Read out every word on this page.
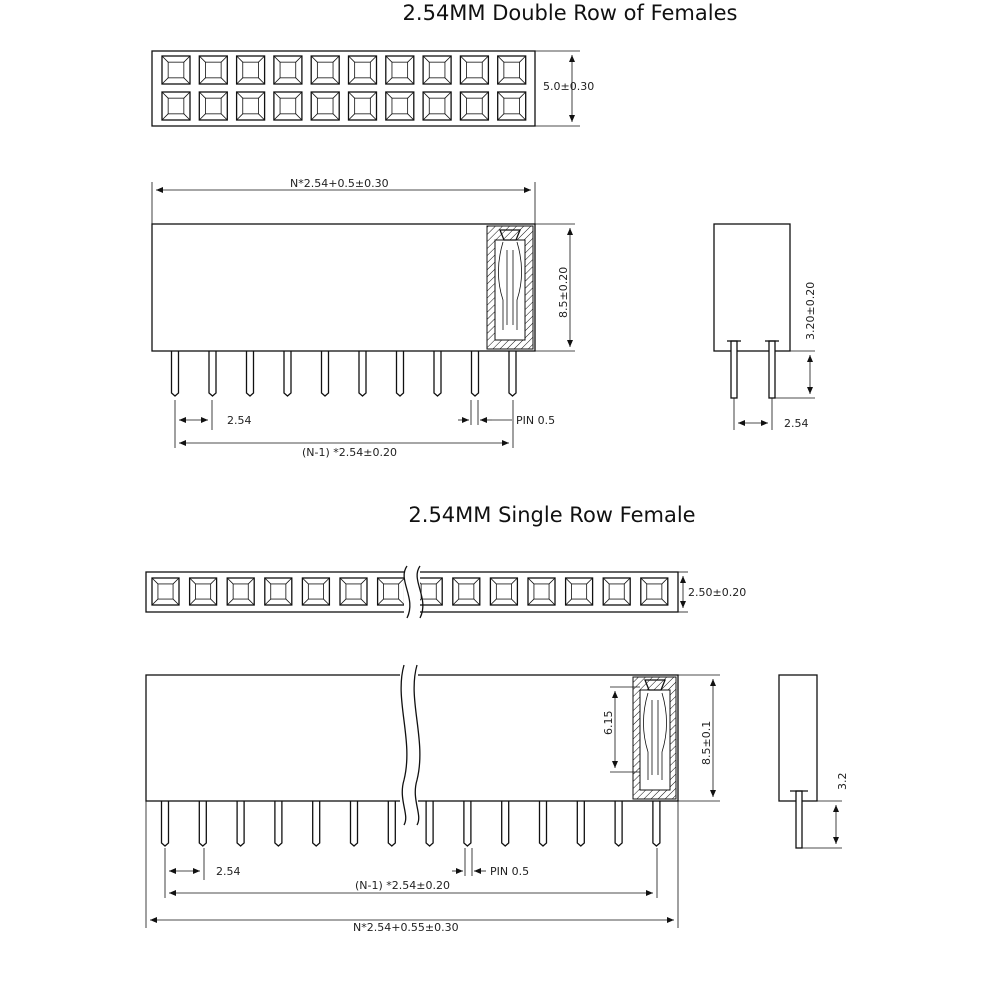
2.54MM Double Row of Females
5.0±0.30
N*2.54+0.5±0.30
8.5±0.20
2.54	PIN 0.5
(N-1) *2.54±0.20
3.20±0.20
2.54
2.54MM Single Row Female
2.50±0.20
6.15	8.5±0.1
2.54	PIN 0.5
(N-1) *2.54±0.20
N*2.54+0.55±0.30
3.2
